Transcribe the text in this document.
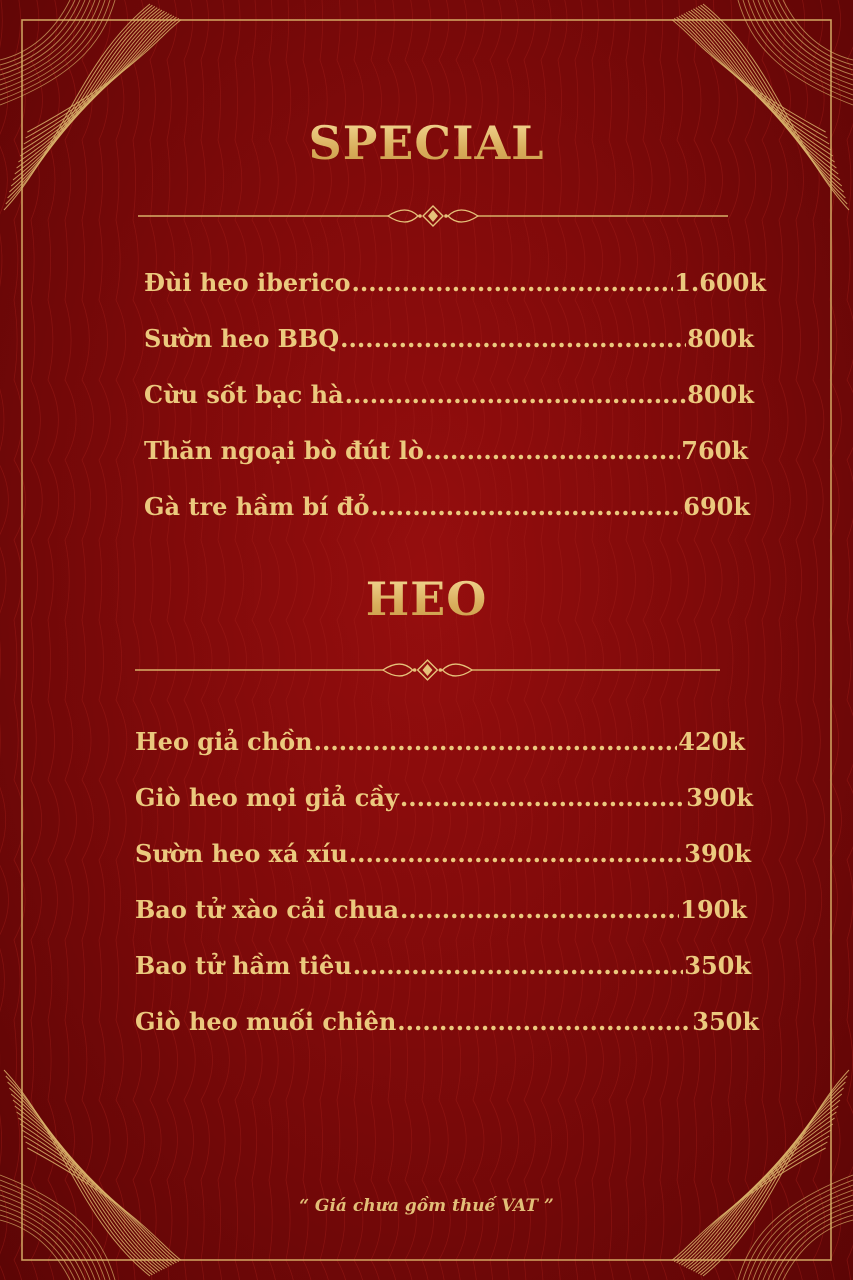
SPECIAL
Đùi heo iberico .....	1.600k
Sườn heo BBQ .....	800k
Cừu sốt bạc hà .....	800k
Thăn ngoại bò đút lò .....	760k
Gà tre hầm bí đỏ .....	690k
HEO
Heo giả chồn .....	420k
Giò heo mọi giả cầy .....	390k
Sườn heo xá xíu .....	390k
Bao tử xào cải chua .....	190k
Bao tử hầm tiêu .....	350k
Giò heo muối chiên .....	350k
“ Giá chưa gồm thuế VAT ”
